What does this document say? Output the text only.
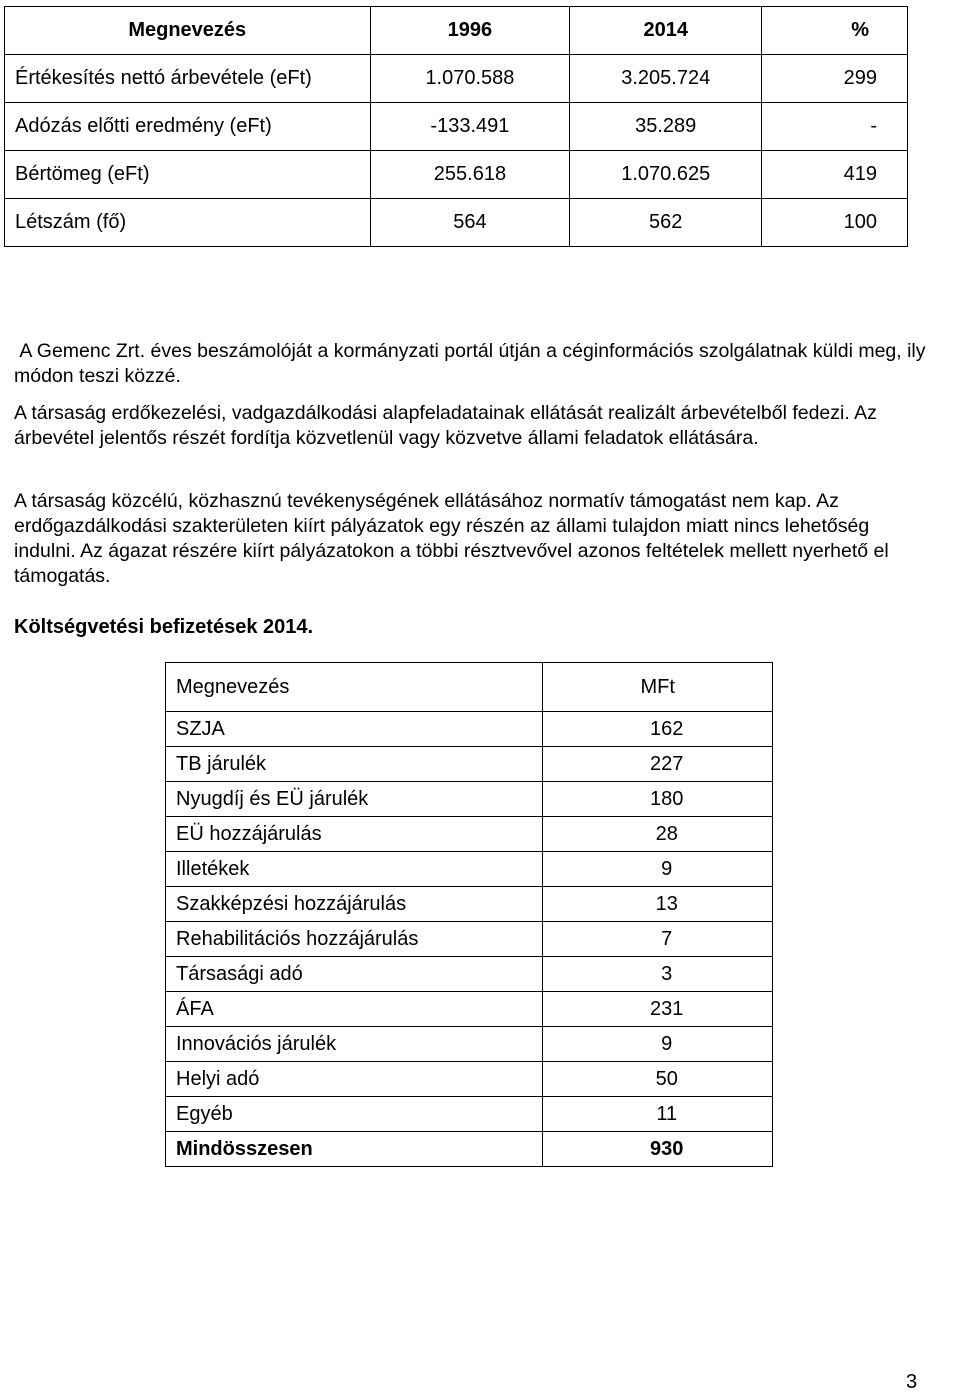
Megnevezés	1996	2014	%
Értékesítés nettó árbevétele (eFt)	1.070.588	3.205.724	299
Adózás előtti eredmény (eFt)	-133.491	35.289	-
Bértömeg (eFt)	255.618	1.070.625	419
Létszám (fő)	564	562	100

A Gemenc Zrt. éves beszámolóját a kormányzati portál útján a céginformációs szolgálatnak küldi meg, ily módon teszi közzé.

A társaság erdőkezelési, vadgazdálkodási alapfeladatainak ellátását realizált árbevételből fedezi. Az árbevétel jelentős részét fordítja közvetlenül vagy közvetve állami feladatok ellátására.

A társaság közcélú, közhasznú tevékenységének ellátásához normatív támogatást nem kap. Az erdőgazdálkodási szakterületen kiírt pályázatok egy részén az állami tulajdon miatt nincs lehetőség indulni. Az ágazat részére kiírt pályázatokon a többi résztvevővel azonos feltételek mellett nyerhető el támogatás.

Költségvetési befizetések 2014.
Megnevezés	MFt
SZJA	162
TB járulék	227
Nyugdíj és EÜ járulék	180
EÜ hozzájárulás	28
Illetékek	9
Szakképzési hozzájárulás	13
Rehabilitációs hozzájárulás	7
Társasági adó	3
ÁFA	231
Innovációs járulék	9
Helyi adó	50
Egyéb	11
Mindösszesen	930
3
